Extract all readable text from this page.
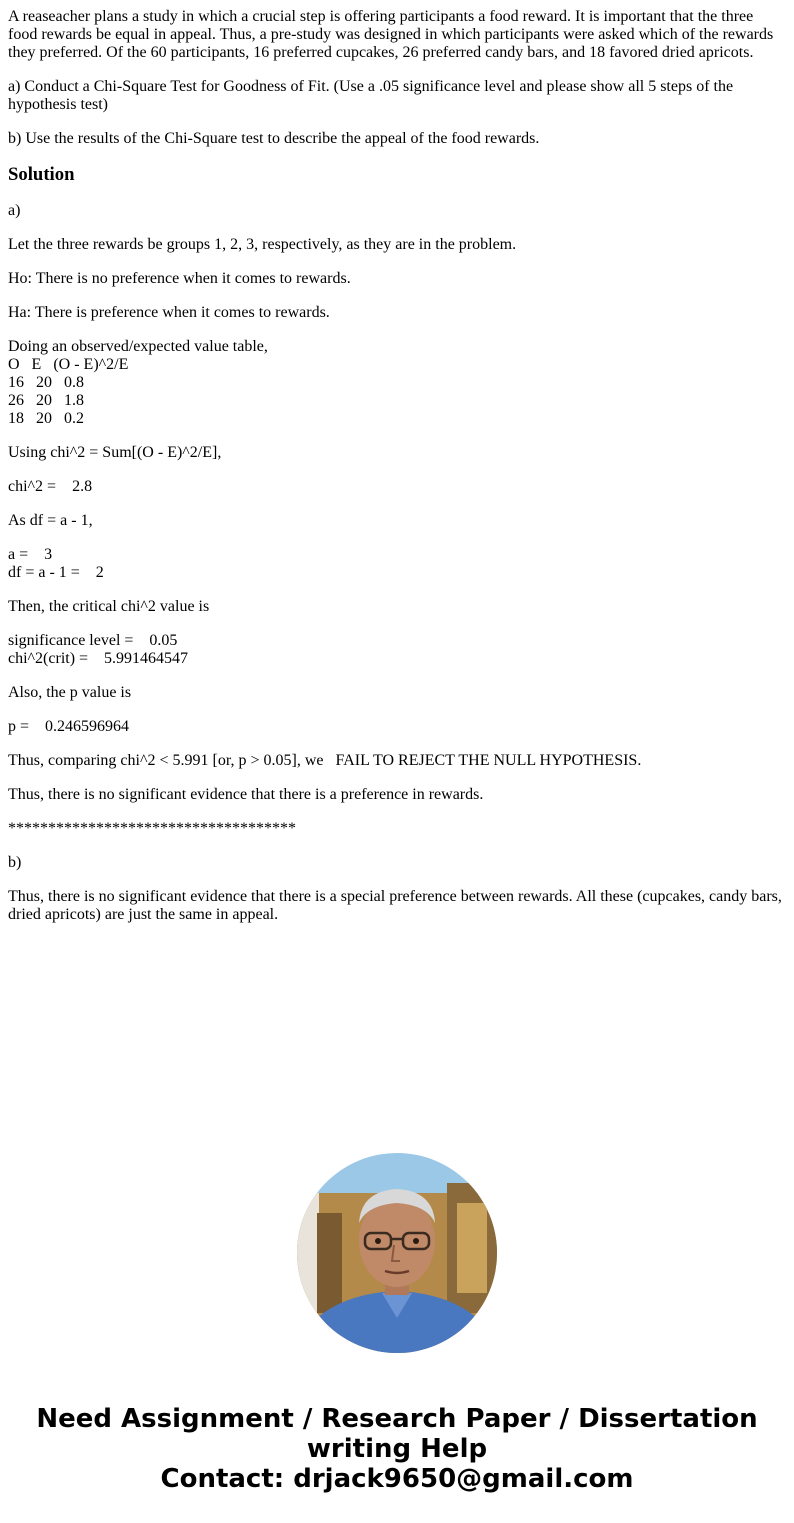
A reaseacher plans a study in which a crucial step is offering participants a food reward. It is important that the three food rewards be equal in appeal. Thus, a pre-study was designed in which participants were asked which of the rewards they preferred. Of the 60 participants, 16 preferred cupcakes, 26 preferred candy bars, and 18 favored dried apricots.

a) Conduct a Chi-Square Test for Goodness of Fit. (Use a .05 significance level and please show all 5 steps of the hypothesis test)

b) Use the results of the Chi-Square test to describe the appeal of the food rewards.

Solution

a)

Let the three rewards be groups 1, 2, 3, respectively, as they are in the problem.

Ho: There is no preference when it comes to rewards.

Ha: There is preference when it comes to rewards.

Doing an observed/expected value table,
O   E   (O - E)^2/E
16   20   0.8
26   20   1.8
18   20   0.2

Using chi^2 = Sum[(O - E)^2/E],

chi^2 =    2.8

As df = a - 1,

a =    3
df = a - 1 =    2

Then, the critical chi^2 value is

significance level =    0.05
chi^2(crit) =    5.991464547

Also, the p value is

p =    0.246596964

Thus, comparing chi^2 < 5.991 [or, p > 0.05], we   FAIL TO REJECT THE NULL HYPOTHESIS.

Thus, there is no significant evidence that there is a preference in rewards.

************************************

b)

Thus, there is no significant evidence that there is a special preference between rewards. All these (cupcakes, candy bars, dried apricots) are just the same in appeal.

Need Assignment / Research Paper / Dissertation
writing Help
Contact: drjack9650@gmail.com
